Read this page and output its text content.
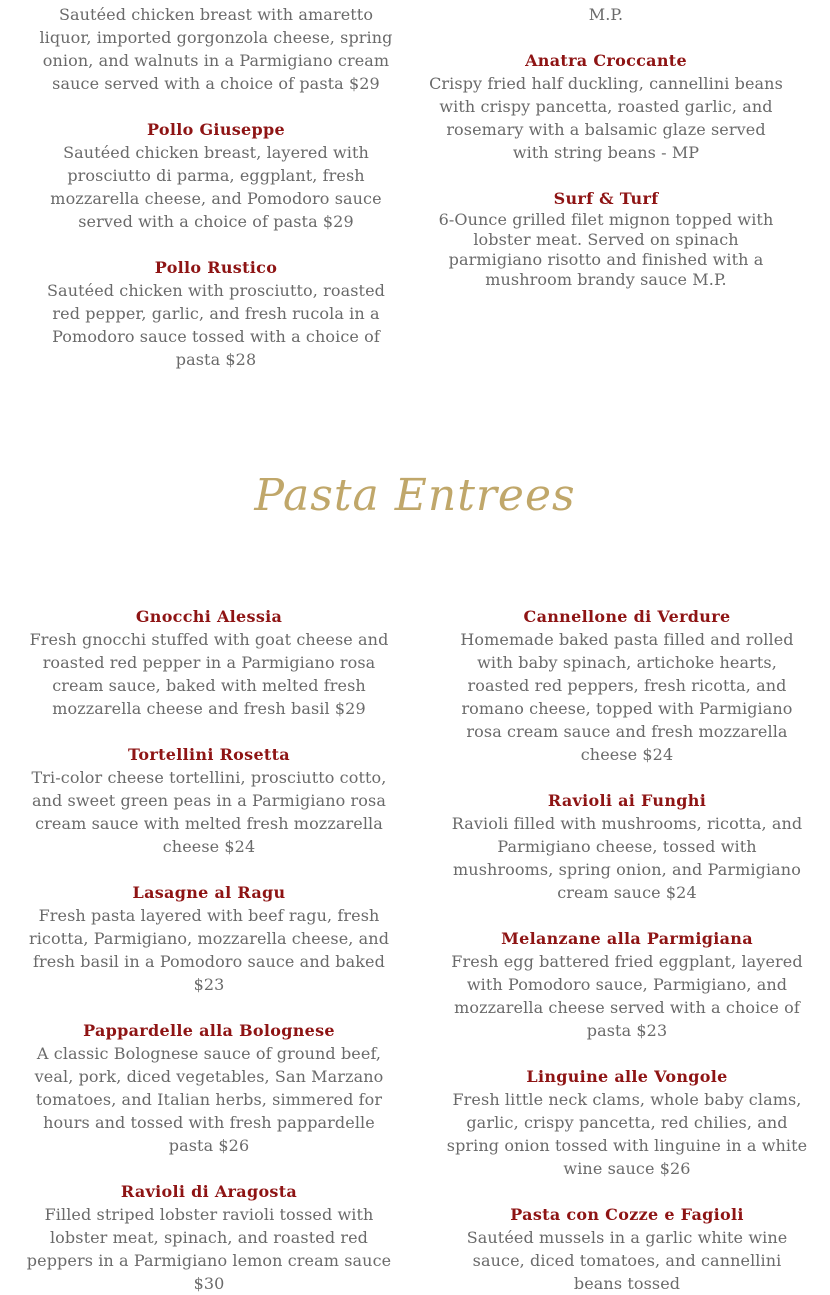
Sautéed chicken breast with amaretto liquor, imported gorgonzola cheese, spring onion, and walnuts in a Parmigiano cream sauce served with a choice of pasta $29

Pollo Giuseppe

Sautéed chicken breast, layered with prosciutto di parma, eggplant, fresh mozzarella cheese, and Pomodoro sauce served with a choice of pasta $29

Pollo Rustico

Sautéed chicken with prosciutto, roasted red pepper, garlic, and fresh rucola in a Pomodoro sauce tossed with a choice of pasta $28

M.P.

Anatra Croccante

Crispy fried half duckling, cannellini beans with crispy pancetta, roasted garlic, and rosemary with a balsamic glaze served with string beans - MP

Surf & Turf

6-Ounce grilled filet mignon topped with lobster meat. Served on spinach parmigiano risotto and finished with a mushroom brandy sauce M.P.

Pasta Entrees

Gnocchi Alessia

Fresh gnocchi stuffed with goat cheese and roasted red pepper in a Parmigiano rosa cream sauce, baked with melted fresh mozzarella cheese and fresh basil $29

Tortellini Rosetta

Tri-color cheese tortellini, prosciutto cotto, and sweet green peas in a Parmigiano rosa cream sauce with melted fresh mozzarella cheese $24

Lasagne al Ragu

Fresh pasta layered with beef ragu, fresh ricotta, Parmigiano, mozzarella cheese, and fresh basil in a Pomodoro sauce and baked $23

Pappardelle alla Bolognese

A classic Bolognese sauce of ground beef, veal, pork, diced vegetables, San Marzano tomatoes, and Italian herbs, simmered for hours and tossed with fresh pappardelle pasta $26

Ravioli di Aragosta

Filled striped lobster ravioli tossed with lobster meat, spinach, and roasted red peppers in a Parmigiano lemon cream sauce $30

Cannellone di Verdure

Homemade baked pasta filled and rolled with baby spinach, artichoke hearts, roasted red peppers, fresh ricotta, and romano cheese, topped with Parmigiano rosa cream sauce and fresh mozzarella cheese $24

Ravioli ai Funghi

Ravioli filled with mushrooms, ricotta, and Parmigiano cheese, tossed with mushrooms, spring onion, and Parmigiano cream sauce $24

Melanzane alla Parmigiana

Fresh egg battered fried eggplant, layered with Pomodoro sauce, Parmigiano, and mozzarella cheese served with a choice of pasta $23

Linguine alle Vongole

Fresh little neck clams, whole baby clams, garlic, crispy pancetta, red chilies, and spring onion tossed with linguine in a white wine sauce $26

Pasta con Cozze e Fagioli

Sautéed mussels in a garlic white wine sauce, diced tomatoes, and cannellini beans tossed
